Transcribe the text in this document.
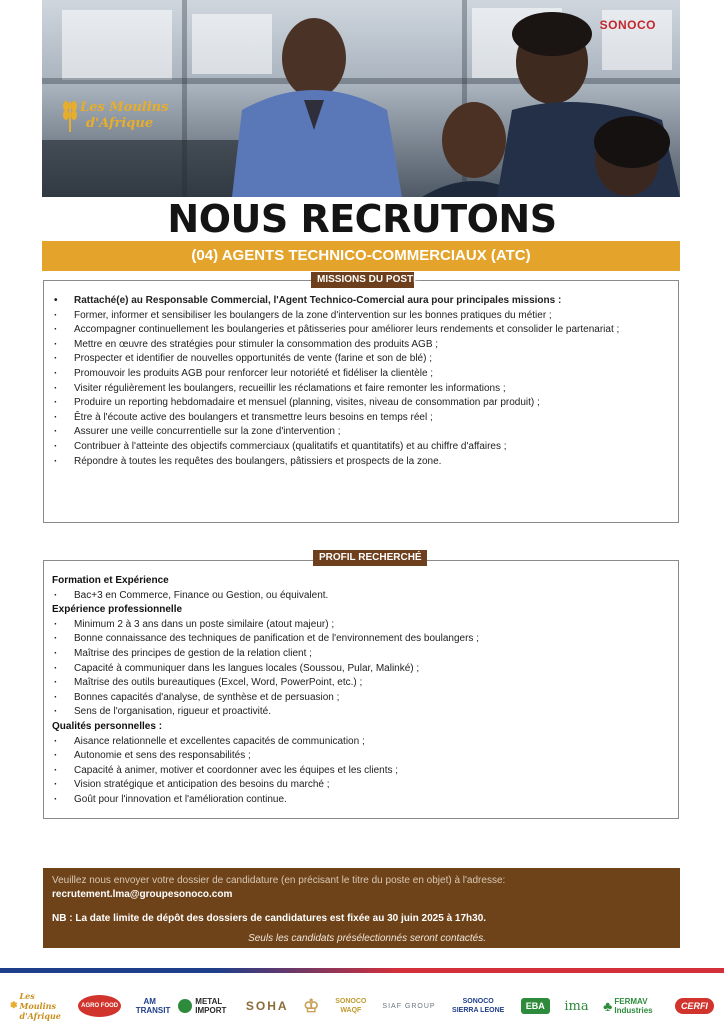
Les Moulins
d'Afrique
SONOCO
NOUS RECRUTONS
(04) AGENTS TECHNICO-COMMERCIAUX (ATC)
MISSIONS DU POSTE
• Rattaché(e) au Responsable Commercial, l'Agent Technico-Comercial aura pour principales missions :
· Former, informer et sensibiliser les boulangers de la zone d'intervention sur les bonnes pratiques du métier ;
· Accompagner continuellement les boulangeries et pâtisseries pour améliorer leurs rendements et consolider le partenariat ;
· Mettre en œuvre des stratégies pour stimuler la consommation des produits AGB ;
· Prospecter et identifier de nouvelles opportunités de vente (farine et son de blé) ;
· Promouvoir les produits AGB pour renforcer leur notoriété et fidéliser la clientèle ;
· Visiter régulièrement les boulangers, recueillir les réclamations et faire remonter les informations ;
· Produire un reporting hebdomadaire et mensuel (planning, visites, niveau de consommation par produit) ;
· Être à l'écoute active des boulangers et transmettre leurs besoins en temps réel ;
· Assurer une veille concurrentielle sur la zone d'intervention ;
· Contribuer à l'atteinte des objectifs commerciaux (qualitatifs et quantitatifs) et au chiffre d'affaires ;
· Répondre à toutes les requêtes des boulangers, pâtissiers et prospects de la zone.
PROFIL RECHERCHÉ
Formation et Expérience
· Bac+3 en Commerce, Finance ou Gestion, ou équivalent.
Expérience professionnelle
· Minimum 2 à 3 ans dans un poste similaire (atout majeur) ;
· Bonne connaissance des techniques de panification et de l'environnement des boulangers ;
· Maîtrise des principes de gestion de la relation client ;
· Capacité à communiquer dans les langues locales (Soussou, Pular, Malinké) ;
· Maîtrise des outils bureautiques (Excel, Word, PowerPoint, etc.) ;
· Bonnes capacités d'analyse, de synthèse et de persuasion ;
· Sens de l'organisation, rigueur et proactivité.
Qualités personnelles :
· Aisance relationnelle et excellentes capacités de communication ;
· Autonomie et sens des responsabilités ;
· Capacité à animer, motiver et coordonner avec les équipes et les clients ;
· Vision stratégique et anticipation des besoins du marché ;
· Goût pour l'innovation et l'amélioration continue.
Veuillez nous envoyer votre dossier de candidature (en précisant le titre du poste en objet) à l'adresse:
recrutement.lma@groupesonoco.com
NB : La date limite de dépôt des dossiers de candidatures est fixée au 30 juin 2025 à 17h30.
Seuls les candidats présélectionnés seront contactés.
✽
Les Moulins d'Afrique
AGRO FOOD	AM TRANSIT
METAL IMPORT	SOHA ♔ SONOCO WAQF
SIAF GROUP
SONOCO SIERRA LEONE	EBA	ima ♣ FERMAV Industries	CERFI
